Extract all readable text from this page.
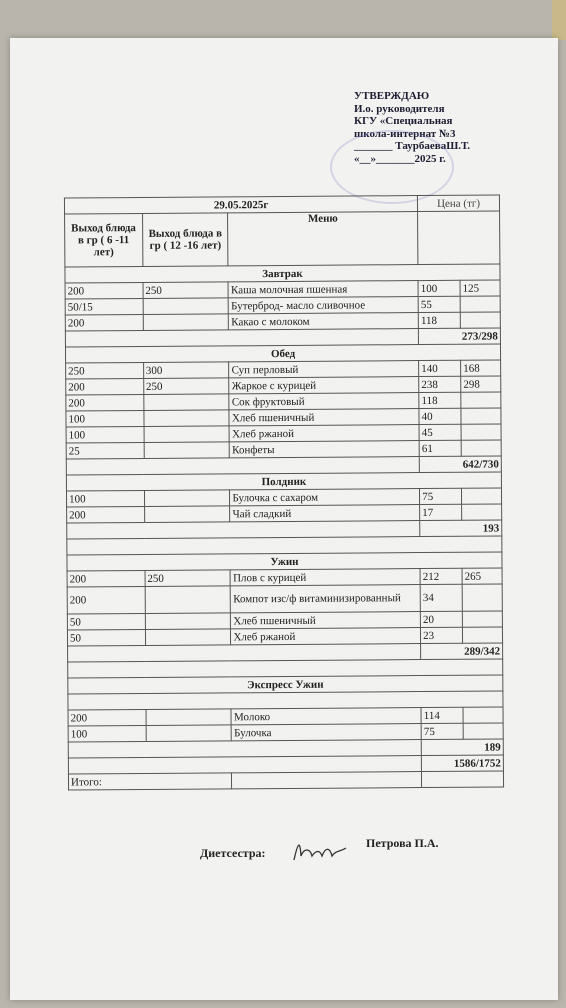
УТВЕРЖДАЮ
И.о. руководителя
КГУ «Специальная
школа-интернат №3
_______ ТаурбаеваШ.Т.
«__»_______2025 г.
29.05.2025г			Цена (тг)	
Выход блюда в гр ( 6 -11 лет)	Выход блюда в гр ( 12 -16 лет)	Меню		
Завтрак				
200	250	Каша молочная пшенная	100	125
50/15		Бутерброд- масло сливочное	55	
200		Какао с молоком	118	
			273/298	
Обед				
250	300	Суп перловый	140	168
200	250	Жаркое с курицей	238	298
200		Сок фруктовый	118	
100		Хлеб пшеничный	40	
100		Хлеб ржаной	45	
25		Конфеты	61	
			642/730	
Полдник				
100		Булочка с сахаром	75	
200		Чай сладкий	17	
			193	

Ужин				
200	250	Плов с курицей	212	265
200		Компот изс/ф витаминизированный	34	
50		Хлеб пшеничный	20	
50		Хлеб ржаной	23	
			289/342	

Экспресс Ужин				

200		Молоко	114	
100		Булочка	75	
			189	
			1586/1752	
Итого:				
Диетсестра:
Петрова П.А.
